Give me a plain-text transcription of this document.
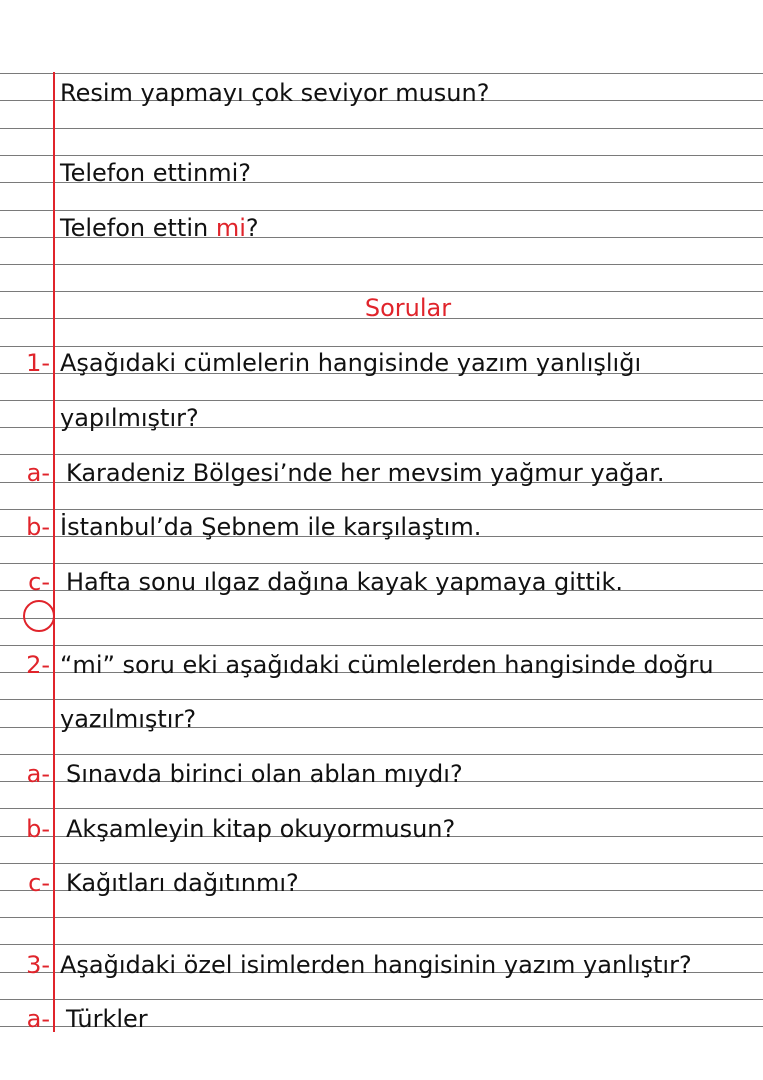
Resim yapmayı çok seviyor musun?
Telefon ettinmi?
Telefon ettin mi?
Sorular
1- Aşağıdaki cümlelerin hangisinde yazım yanlışlığı
yapılmıştır?
a- Karadeniz Bölgesi’nde her mevsim yağmur yağar.
b- İstanbul’da Şebnem ile karşılaştım.
c- Hafta sonu ılgaz dağına kayak yapmaya gittik.
2- “mi” soru eki aşağıdaki cümlelerden hangisinde doğru
yazılmıştır?
a- Sınavda birinci olan ablan mıydı?
b- Akşamleyin kitap okuyormusun?
c- Kağıtları dağıtınmı?
3- Aşağıdaki özel isimlerden hangisinin yazım yanlıştır?
a- Türkler
